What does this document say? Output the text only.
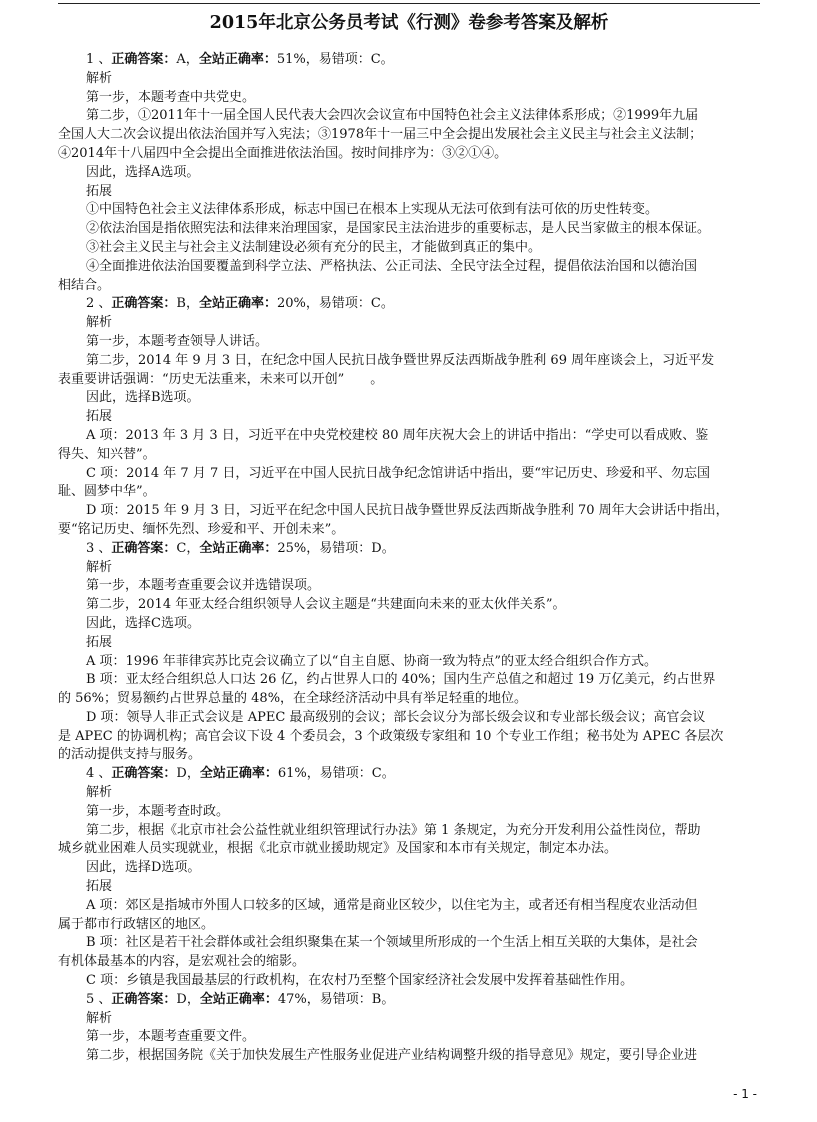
2015年北京公务员考试《行测》卷参考答案及解析
1 、正确答案：A，全站正确率：51%，易错项：C。
解析
第一步，本题考查中共党史。
第二步，①2011年十一届全国人民代表大会四次会议宣布中国特色社会主义法律体系形成；②1999年九届
全国人大二次会议提出依法治国并写入宪法；③1978年十一届三中全会提出发展社会主义民主与社会主义法制；
④2014年十八届四中全会提出全面推进依法治国。按时间排序为：③②①④。
因此，选择A选项。
拓展
①中国特色社会主义法律体系形成，标志中国已在根本上实现从无法可依到有法可依的历史性转变。
②依法治国是指依照宪法和法律来治理国家，是国家民主法治进步的重要标志，是人民当家做主的根本保证。
③社会主义民主与社会主义法制建设必须有充分的民主，才能做到真正的集中。
④全面推进依法治国要覆盖到科学立法、严格执法、公正司法、全民守法全过程，提倡依法治国和以德治国
相结合。
2 、正确答案：B，全站正确率：20%，易错项：C。
解析
第一步，本题考查领导人讲话。
第二步，2014 年 9 月 3 日，在纪念中国人民抗日战争暨世界反法西斯战争胜利 69 周年座谈会上，习近平发
表重要讲话强调：“历史无法重来，未来可以开创”　　。
因此，选择B选项。
拓展
A 项：2013 年 3 月 3 日，习近平在中央党校建校 80 周年庆祝大会上的讲话中指出：“学史可以看成败、鉴
得失、知兴替”。
C 项：2014 年 7 月 7 日，习近平在中国人民抗日战争纪念馆讲话中指出，要“牢记历史、珍爱和平、勿忘国
耻、圆梦中华”。
D 项：2015 年 9 月 3 日，习近平在纪念中国人民抗日战争暨世界反法西斯战争胜利 70 周年大会讲话中指出，
要“铭记历史、缅怀先烈、珍爱和平、开创未来”。
3 、正确答案：C，全站正确率：25%，易错项：D。
解析
第一步，本题考查重要会议并选错误项。
第二步，2014 年亚太经合组织领导人会议主题是“共建面向未来的亚太伙伴关系”。
因此，选择C选项。
拓展
A 项：1996 年菲律宾苏比克会议确立了以“自主自愿、协商一致为特点”的亚太经合组织合作方式。
B 项：亚太经合组织总人口达 26 亿，约占世界人口的 40%；国内生产总值之和超过 19 万亿美元，约占世界
的 56%；贸易额约占世界总量的 48%，在全球经济活动中具有举足轻重的地位。
D 项：领导人非正式会议是 APEC 最高级别的会议；部长会议分为部长级会议和专业部长级会议；高官会议
是 APEC 的协调机构；高官会议下设 4 个委员会，3 个政策级专家组和 10 个专业工作组；秘书处为 APEC 各层次
的活动提供支持与服务。
4 、正确答案：D，全站正确率：61%，易错项：C。
解析
第一步，本题考查时政。
第二步，根据《北京市社会公益性就业组织管理试行办法》第 1 条规定，为充分开发利用公益性岗位，帮助
城乡就业困难人员实现就业，根据《北京市就业援助规定》及国家和本市有关规定，制定本办法。
因此，选择D选项。
拓展
A 项：郊区是指城市外围人口较多的区域，通常是商业区较少，以住宅为主，或者还有相当程度农业活动但
属于都市行政辖区的地区。
B 项：社区是若干社会群体或社会组织聚集在某一个领域里所形成的一个生活上相互关联的大集体，是社会
有机体最基本的内容，是宏观社会的缩影。
C 项：乡镇是我国最基层的行政机构，在农村乃至整个国家经济社会发展中发挥着基础性作用。
5 、正确答案：D，全站正确率：47%，易错项：B。
解析
第一步，本题考查重要文件。
第二步，根据国务院《关于加快发展生产性服务业促进产业结构调整升级的指导意见》规定，要引导企业进
- 1 -
